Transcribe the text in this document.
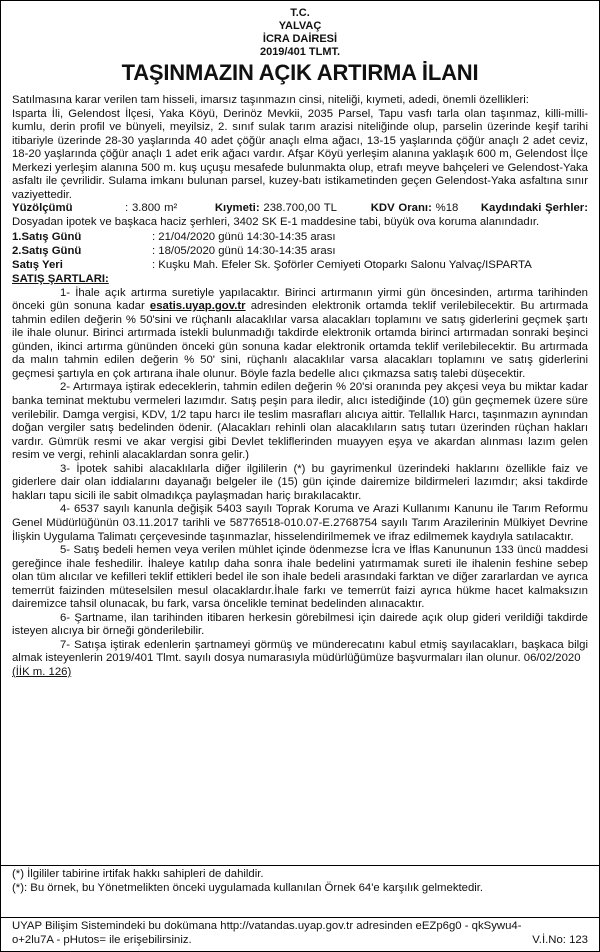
T.C.
YALVAÇ
İCRA DAİRESİ
2019/401 TLMT.
TAŞINMAZIN AÇIK ARTIRMA İLANI

Satılmasına karar verilen tam hisseli, imarsız taşınmazın cinsi, niteliği, kıymeti, adedi, önemli özellikleri:

Isparta İli, Gelendost İlçesi, Yaka Köyü, Derinöz Mevkii, 2035 Parsel, Tapu vasfı tarla olan taşınmaz, killi-milli-kumlu, derin profil ve bünyeli, meyilsiz, 2. sınıf sulak tarım arazisi niteliğinde olup, parselin üzerinde keşif tarihi itibariyle üzerinde 28-30 yaşlarında 40 adet çöğür anaçlı elma ağacı, 13-15 yaşlarında çöğür anaçlı 2 adet ceviz, 18-20 yaşlarında çöğür anaçlı 1 adet erik ağacı vardır. Afşar Köyü yerleşim alanına yaklaşık 600 m, Gelendost İlçe Merkezi yerleşim alanına 500 m. kuş uçuşu mesafede bulunmakta olup, etrafı meyve bahçeleri ve Gelendost-Yaka asfaltı ile çevrilidir. Sulama imkanı bulunan parsel, kuzey-batı istikametinden geçen Gelendost-Yaka asfaltına sınır vaziyettedir.

Yüzölçümü	: 3.800 m²	Kıymeti: 238.700,00 TL	KDV Oranı: %18 Kaydındaki Şerhler: Dosyadan ipotek ve başkaca haciz şerhleri, 3402 SK E-1 maddesine tabi, büyük ova koruma alanındadır.

1.Satış Günü	: 21/04/2020 günü 14:30-14:35 arası
2.Satış Günü	: 18/05/2020 günü 14:30-14:35 arası
Satış Yeri	: Kuşku Mah. Efeler Sk. Şoförler Cemiyeti Otoparkı Salonu Yalvaç/ISPARTA

SATIŞ ŞARTLARI:

1- İhale açık artırma suretiyle yapılacaktır. Birinci artırmanın yirmi gün öncesinden, artırma tarihinden önceki gün sonuna kadar esatis.uyap.gov.tr adresinden elektronik ortamda teklif verilebilecektir. Bu artırmada tahmin edilen değerin % 50'sini ve rüçhanlı alacaklılar varsa alacakları toplamını ve satış giderlerini geçmek şartı ile ihale olunur. Birinci artırmada istekli bulunmadığı takdirde elektronik ortamda birinci artırmadan sonraki beşinci günden, ikinci artırma gününden önceki gün sonuna kadar elektronik ortamda teklif verilebilecektir. Bu artırmada da malın tahmin edilen değerin % 50' sini, rüçhanlı alacaklılar varsa alacakları toplamını ve satış giderlerini geçmesi şartıyla en çok artırana ihale olunur. Böyle fazla bedelle alıcı çıkmazsa satış talebi düşecektir.

2- Artırmaya iştirak edeceklerin, tahmin edilen değerin % 20'si oranında pey akçesi veya bu miktar kadar banka teminat mektubu vermeleri lazımdır. Satış peşin para iledir, alıcı istediğinde (10) gün geçmemek üzere süre verilebilir. Damga vergisi, KDV, 1/2 tapu harcı ile teslim masrafları alıcıya aittir. Tellallık Harcı, taşınmazın aynından doğan vergiler satış bedelinden ödenir. (Alacakları rehinli olan alacaklıların satış tutarı üzerinden rüçhan hakları vardır. Gümrük resmi ve akar vergisi gibi Devlet tekliflerinden muayyen eşya ve akardan alınması lazım gelen resim ve vergi, rehinli alacaklardan sonra gelir.)

3- İpotek sahibi alacaklılarla diğer ilgililerin (*) bu gayrimenkul üzerindeki haklarını özellikle faiz ve giderlere dair olan iddialarını dayanağı belgeler ile (15) gün içinde dairemize bildirmeleri lazımdır; aksi takdirde hakları tapu sicili ile sabit olmadıkça paylaşmadan hariç bırakılacaktır.

4- 6537 sayılı kanunla değişik 5403 sayılı Toprak Koruma ve Arazi Kullanımı Kanunu ile Tarım Reformu Genel Müdürlüğünün 03.11.2017 tarihli ve 58776518-010.07-E.2768754 sayılı Tarım Arazilerinin Mülkiyet Devrine İlişkin Uygulama Talimatı çerçevesinde taşınmazlar, hisselendirilmemek ve ifraz edilmemek kaydıyla satılacaktır.

5- Satış bedeli hemen veya verilen mühlet içinde ödenmezse İcra ve İflas Kanununun 133 üncü maddesi gereğince ihale feshedilir. İhaleye katılıp daha sonra ihale bedelini yatırmamak sureti ile ihalenin feshine sebep olan tüm alıcılar ve kefilleri teklif ettikleri bedel ile son ihale bedeli arasındaki farktan ve diğer zararlardan ve ayrıca temerrüt faizinden müteselsilen mesul olacaklardır.İhale farkı ve temerrüt faizi ayrıca hükme hacet kalmaksızın dairemizce tahsil olunacak, bu fark, varsa öncelikle teminat bedelinden alınacaktır.

6- Şartname, ilan tarihinden itibaren herkesin görebilmesi için dairede açık olup gideri verildiği takdirde isteyen alıcıya bir örneği gönderilebilir.

7- Satışa iştirak edenlerin şartnameyi görmüş ve münderecatını kabul etmiş sayılacakları, başkaca bilgi almak isteyenlerin 2019/401 Tlmt. sayılı dosya numarasıyla müdürlüğümüze başvurmaları ilan olunur. 06/02/2020

(İİK m. 126)

(*) İlgililer tabirine irtifak hakkı sahipleri de dahildir.

(*): Bu örnek, bu Yönetmelikten önceki uygulamada kullanılan Örnek 64'e karşılık gelmektedir.

UYAP Bilişim Sistemindeki bu dokümana http://vatandas.uyap.gov.tr adresinden eEZp6g0 - qkSywu4-

o+2lu7A - pHutos= ile erişebilirsiniz.	V.İ.No: 123
